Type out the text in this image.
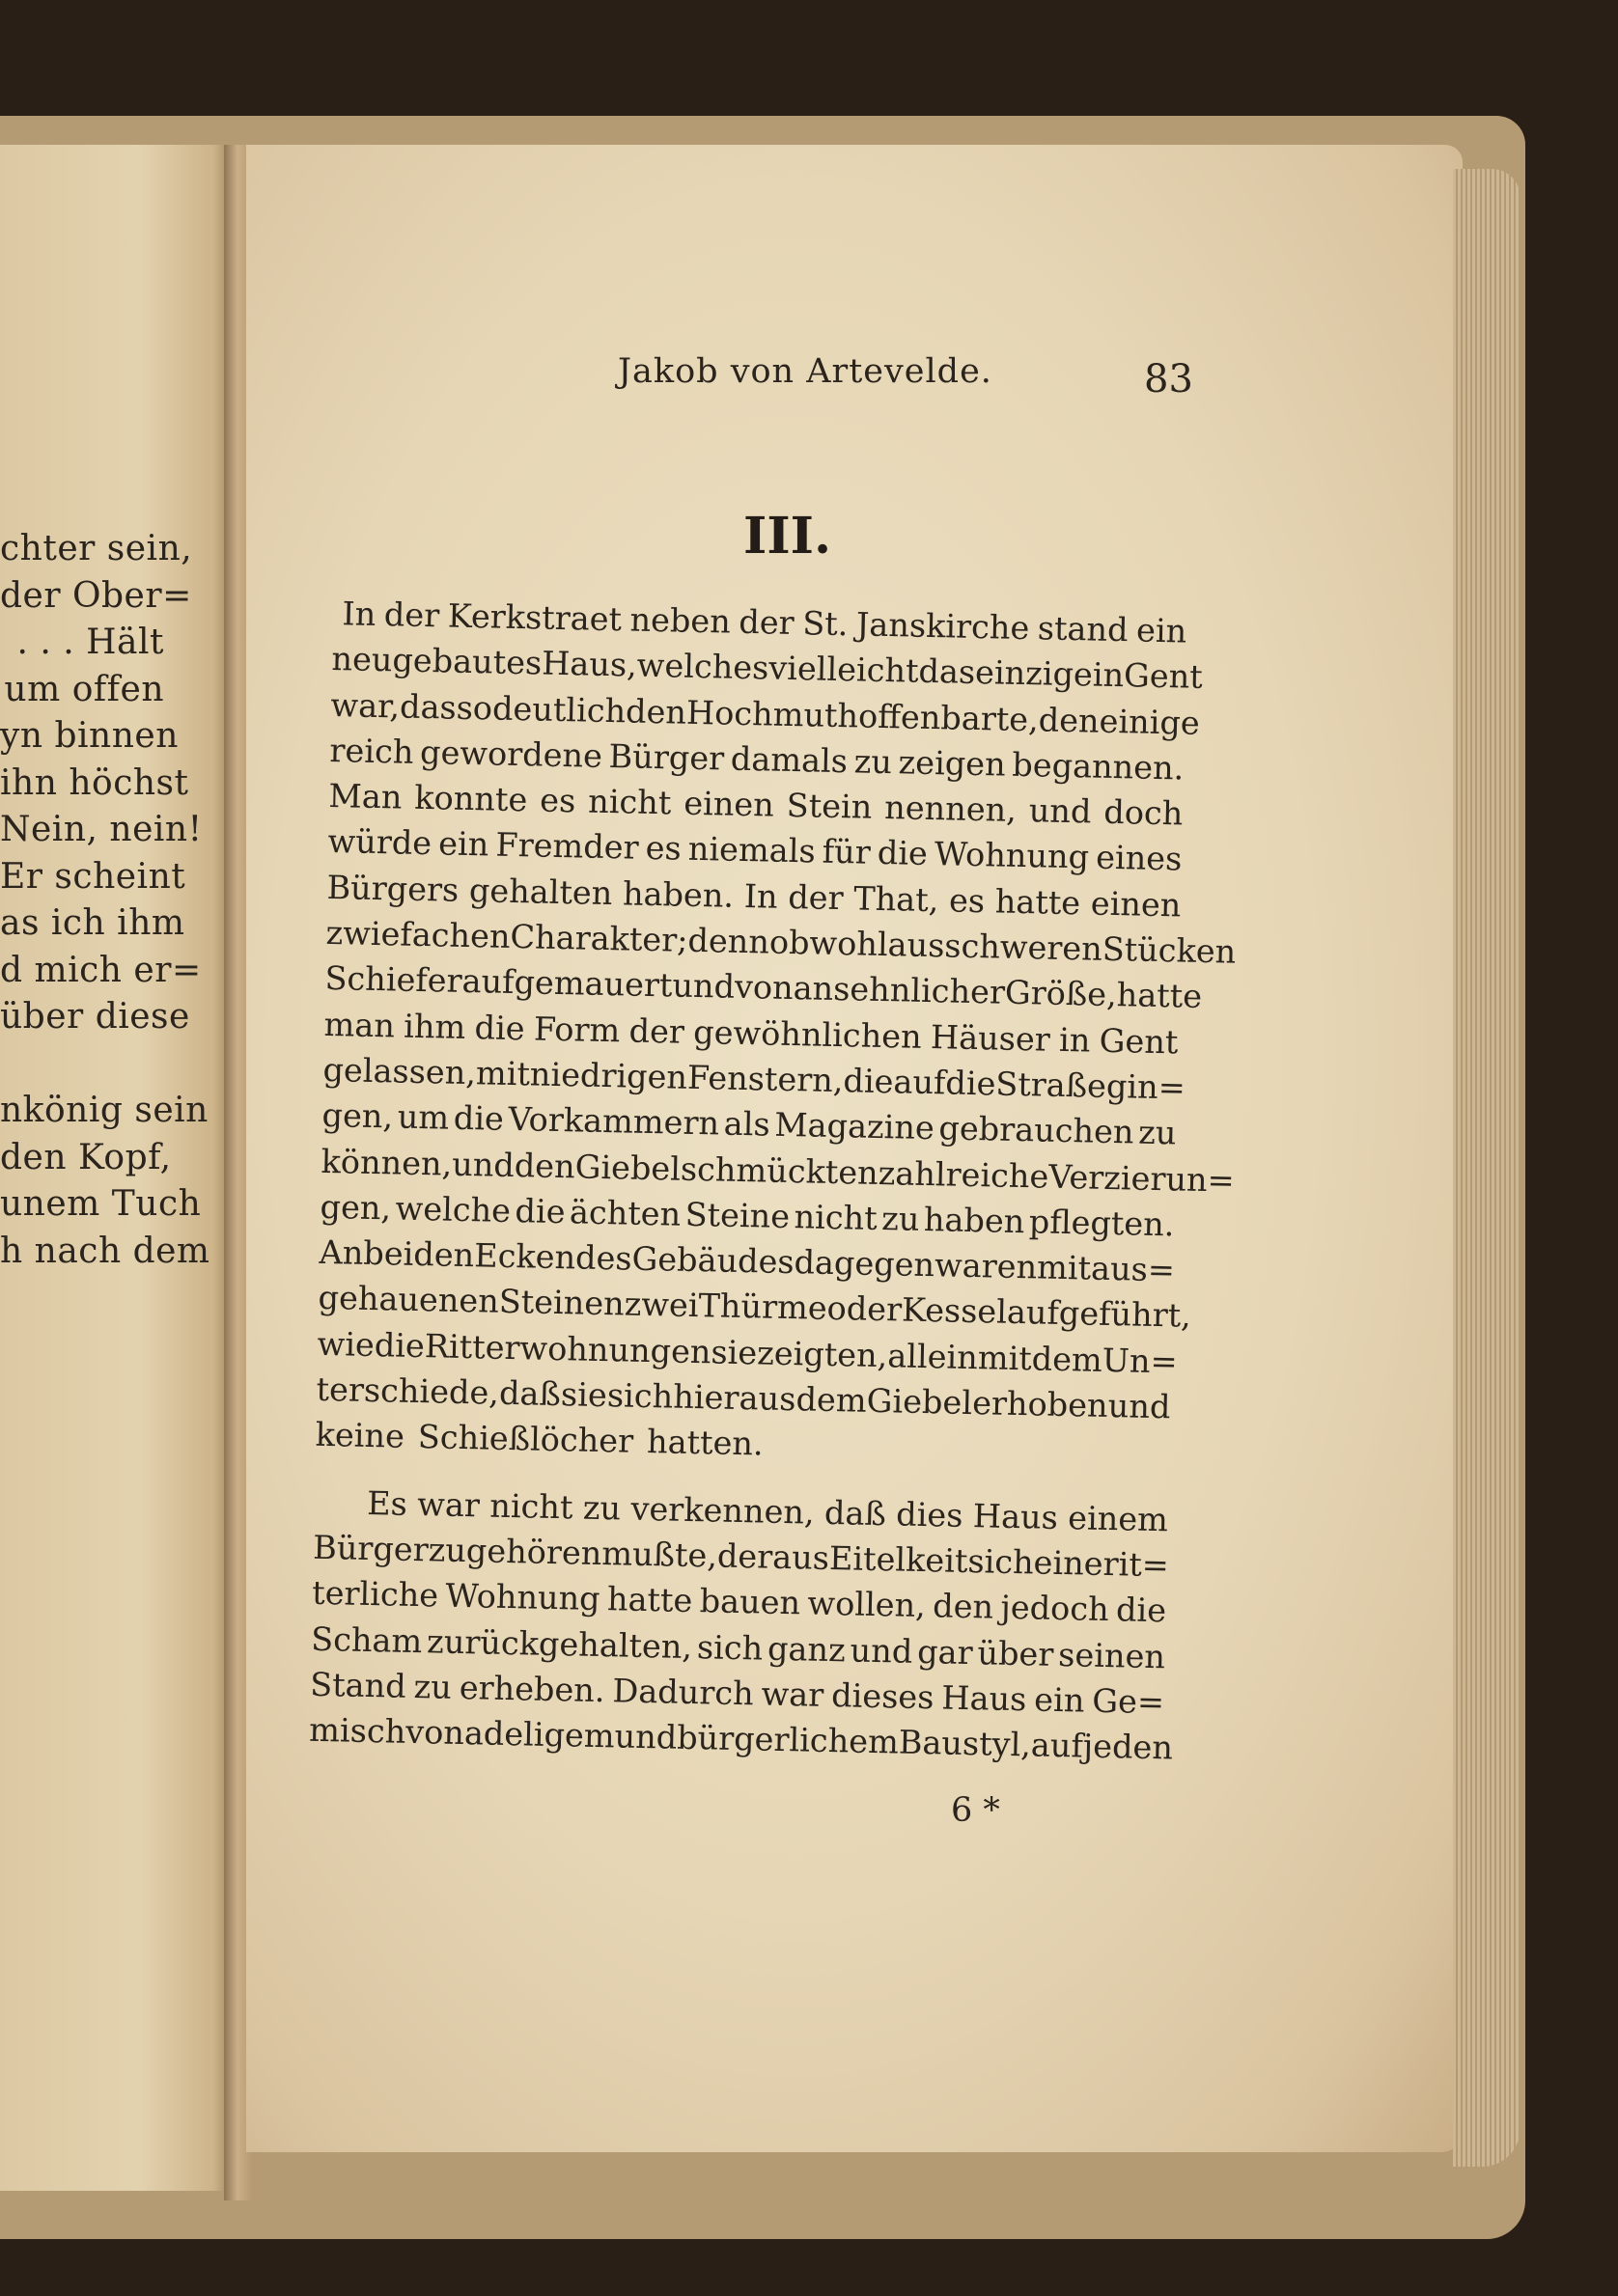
chter sein,
der Ober=
. . . Hält
um offen
yn binnen
ihn höchst
Nein, nein!
Er scheint
as ich ihm
d mich er=
über diese

nkönig sein
den Kopf,
unem Tuch
h nach dem
Jakob von Artevelde.	83
III.
In der Kerkstraet neben der St. Janskirche stand ein
neugebautes Haus, welches vielleicht das einzige in Gent
war, das so deutlich den Hochmuth offenbarte, den einige
reich gewordene Bürger damals zu zeigen begannen.
Man konnte es nicht einen Stein nennen, und doch
würde ein Fremder es niemals für die Wohnung eines
Bürgers gehalten haben. In der That, es hatte einen
zwiefachen Charakter; denn obwohl aus schweren Stücken
Schiefer aufgemauert und von ansehnlicher Größe, hatte
man ihm die Form der gewöhnlichen Häuser in Gent
gelassen, mit niedrigen Fenstern, die auf die Straße gin=
gen, um die Vorkammern als Magazine gebrauchen zu
können, und den Giebel schmückten zahlreiche Verzierun=
gen, welche die ächten Steine nicht zu haben pflegten.
An beiden Ecken des Gebäudes dagegen waren mit aus=
gehauenen Steinen zwei Thürme oder Kessel aufgeführt,
wie die Ritterwohnungen sie zeigten, allein mit dem Un=
terschiede, daß sie sich hier aus dem Giebel erhoben und
keine Schießlöcher hatten.
Es war nicht zu verkennen, daß dies Haus einem
Bürger zugehören mußte, der aus Eitelkeit sich eine rit=
terliche Wohnung hatte bauen wollen, den jedoch die
Scham zurückgehalten, sich ganz und gar über seinen
Stand zu erheben. Dadurch war dieses Haus ein Ge=
misch von adeligem und bürgerlichem Baustyl, auf jeden
6 *
